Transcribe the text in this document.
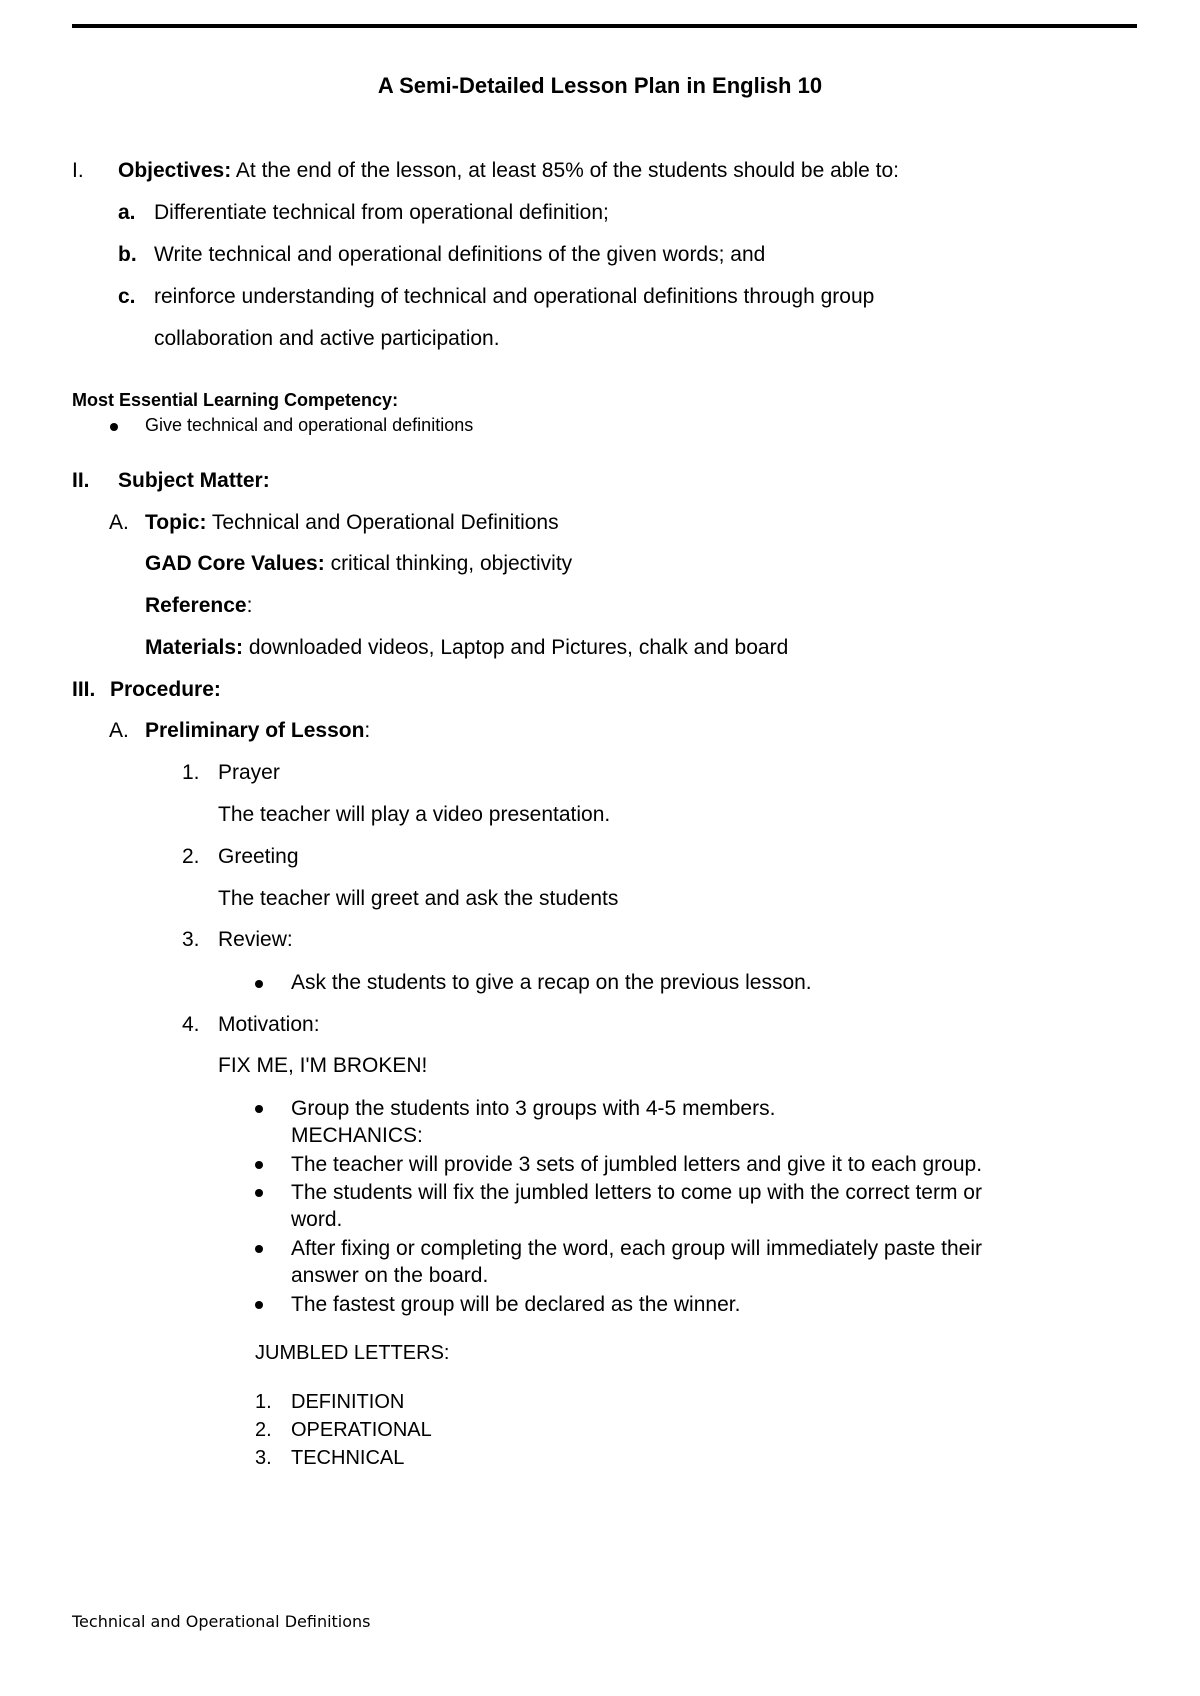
A Semi-Detailed Lesson Plan in English 10
I. Objectives: At the end of the lesson, at least 85% of the students should be able to:
a. Differentiate technical from operational definition;
b. Write technical and operational definitions of the given words; and
c. reinforce understanding of technical and operational definitions through group
collaboration and active participation.
Most Essential Learning Competency:
Give technical and operational definitions
II. Subject Matter:
A. Topic: Technical and Operational Definitions
GAD Core Values: critical thinking, objectivity
Reference:
Materials: downloaded videos, Laptop and Pictures, chalk and board
III. Procedure:
A. Preliminary of Lesson:
1. Prayer
The teacher will play a video presentation.
2. Greeting
The teacher will greet and ask the students
3. Review:
Ask the students to give a recap on the previous lesson.
4. Motivation:
FIX ME, I'M BROKEN!
Group the students into 3 groups with 4-5 members.
MECHANICS:
The teacher will provide 3 sets of jumbled letters and give it to each group.
The students will fix the jumbled letters to come up with the correct term or
word.
After fixing or completing the word, each group will immediately paste their
answer on the board.
The fastest group will be declared as the winner.
JUMBLED LETTERS:
1. DEFINITION
2. OPERATIONAL
3. TECHNICAL
Technical and Operational Definitions
